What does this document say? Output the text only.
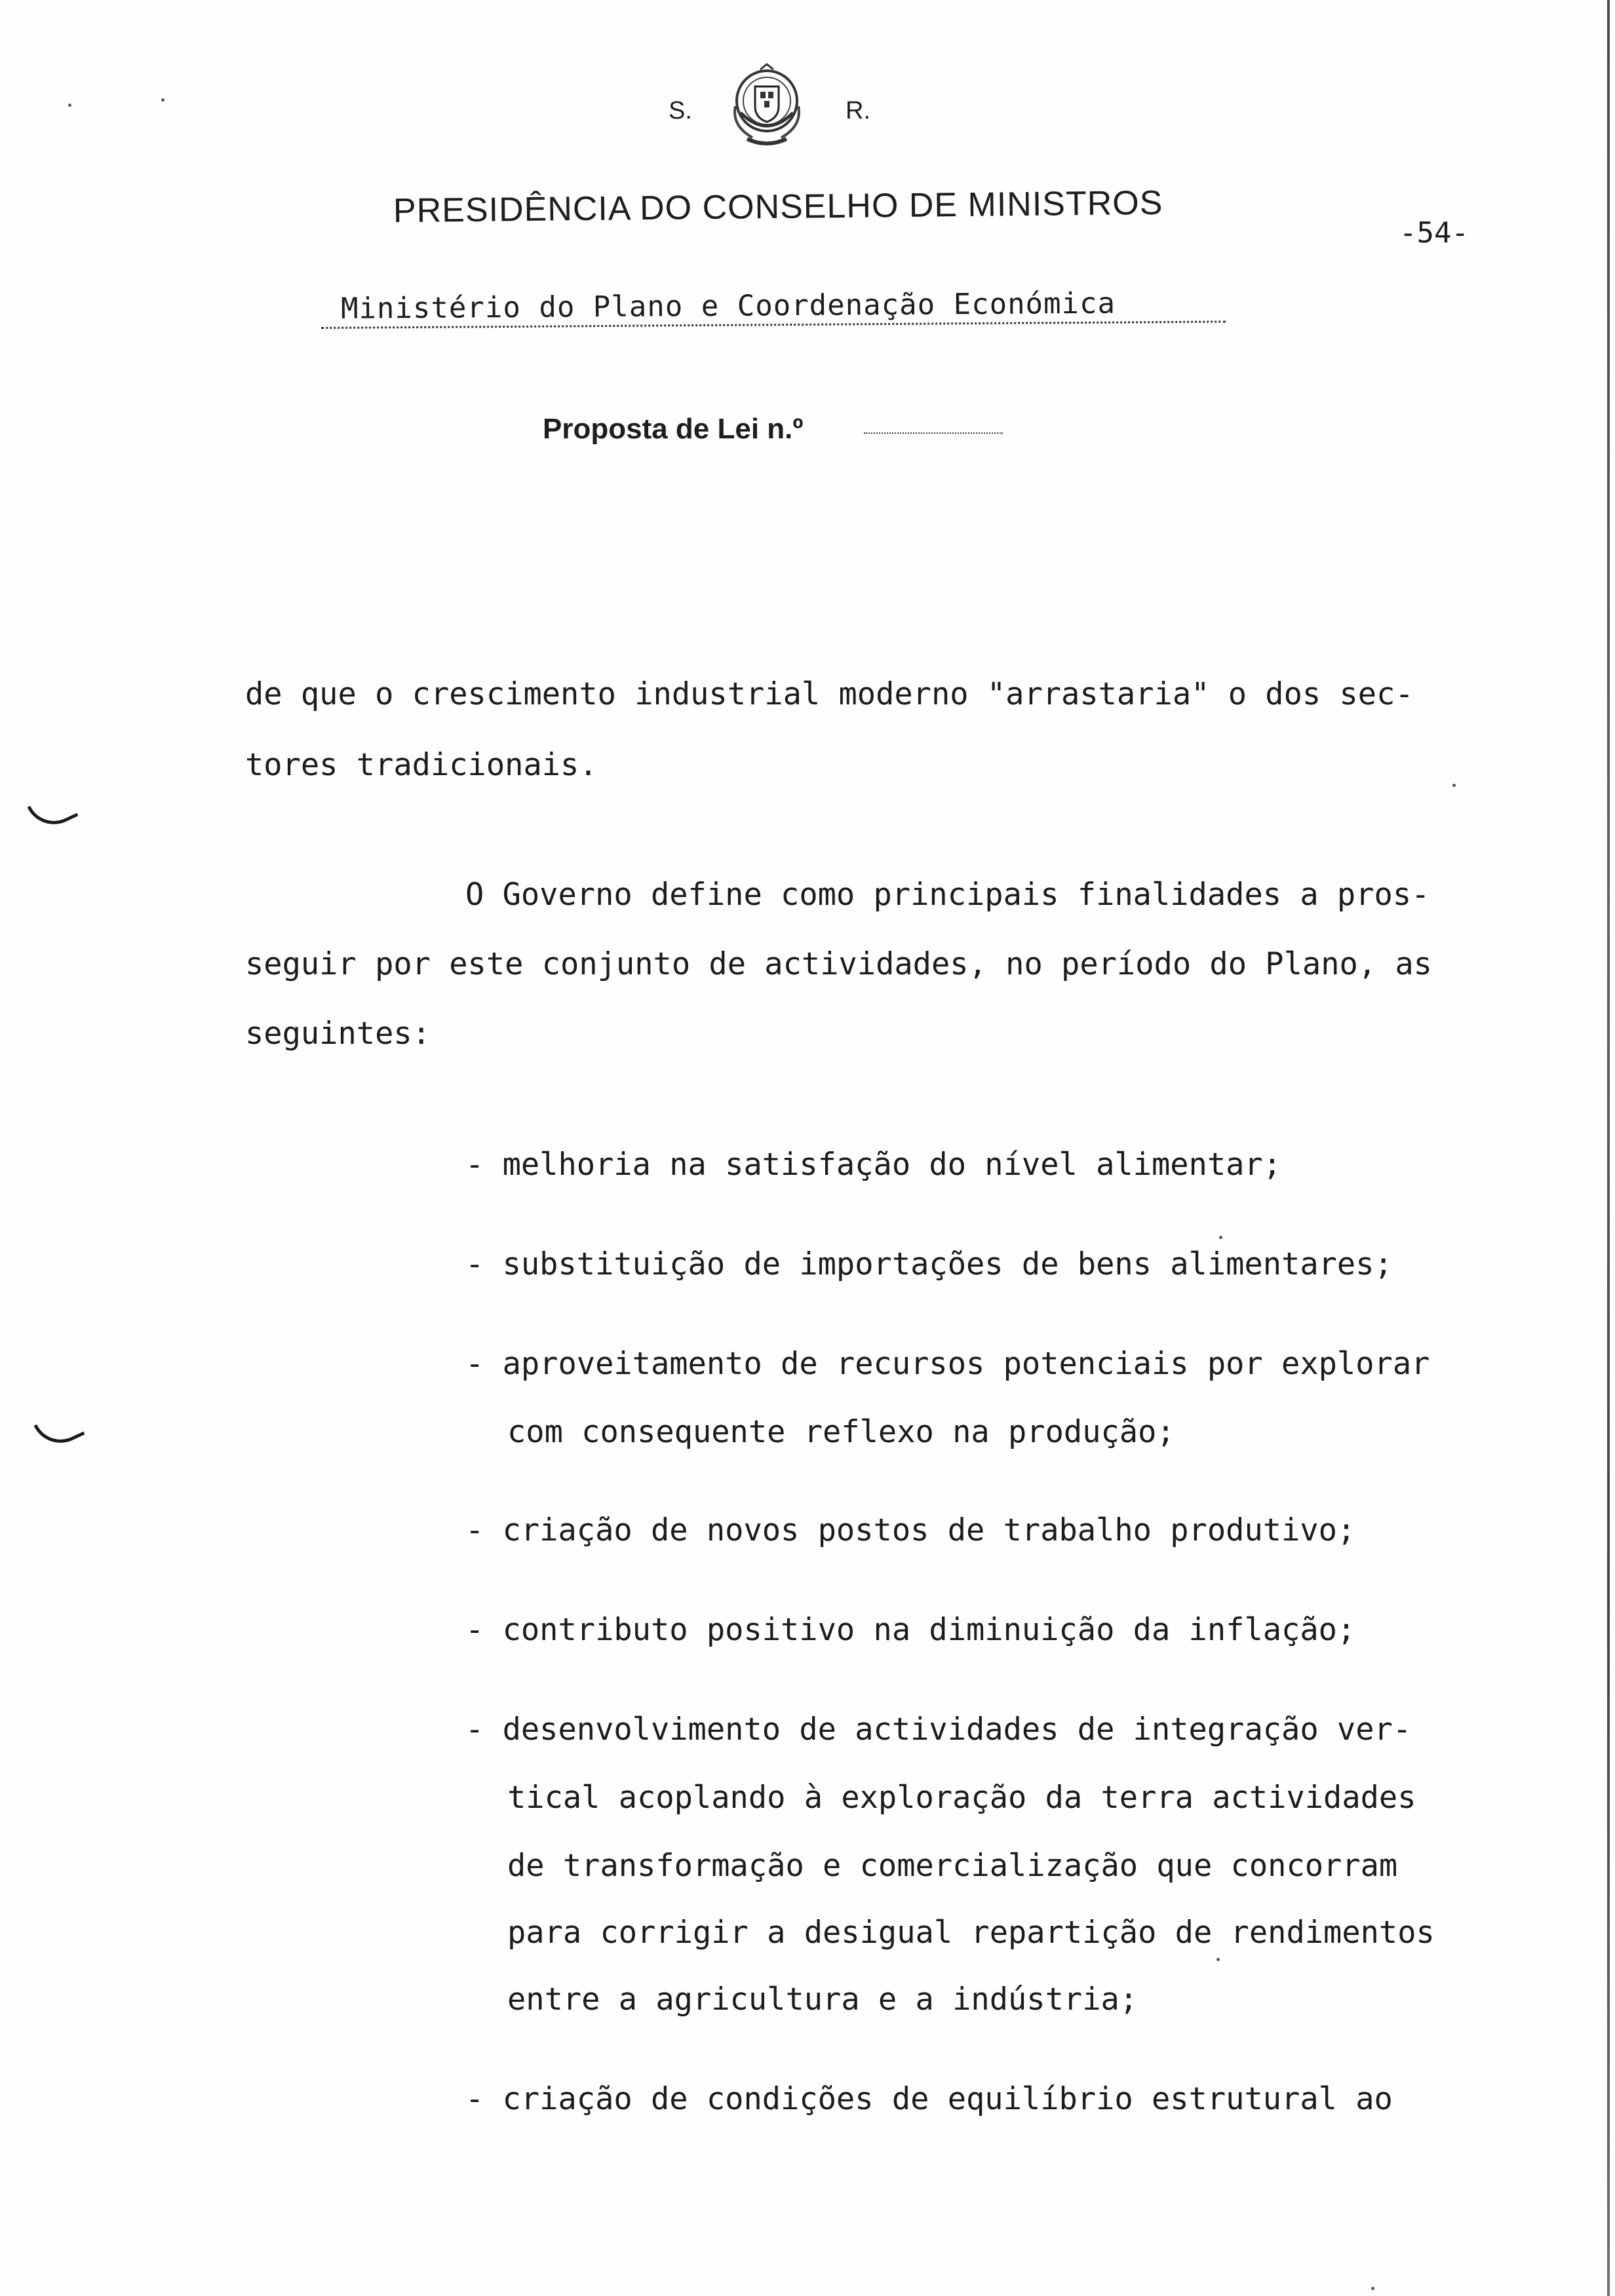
S.	R.
PRESIDÊNCIA DO CONSELHO DE MINISTROS
-54-
Ministério do Plano e Coordenação Económica
Proposta de Lei n.º
de que o crescimento industrial moderno "arrastaria" o dos sec-
tores tradicionais.
O Governo define como principais finalidades a pros-
seguir por este conjunto de actividades, no período do Plano, as
seguintes:
- melhoria na satisfação do nível alimentar;
- substituição de importações de bens alimentares;
- aproveitamento de recursos potenciais por explorar
com consequente reflexo na produção;
- criação de novos postos de trabalho produtivo;
- contributo positivo na diminuição da inflação;
- desenvolvimento de actividades de integração ver-
tical acoplando à exploração da terra actividades
de transformação e comercialização que concorram
para corrigir a desigual repartição de rendimentos
entre a agricultura e a indústria;
- criação de condições de equilíbrio estrutural ao
